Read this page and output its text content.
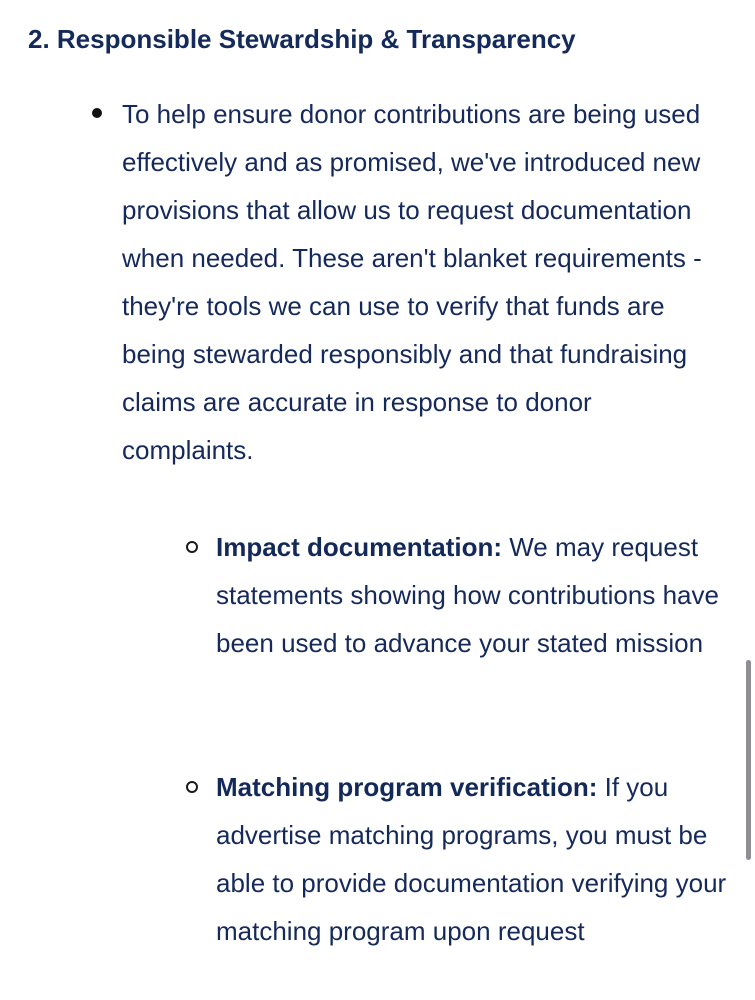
2. Responsible Stewardship & Transparency

To help ensure donor contributions are being used effectively and as promised, we've introduced new provisions that allow us to request documentation when needed. These aren't blanket requirements - they're tools we can use to verify that funds are being stewarded responsibly and that fundraising claims are accurate in response to donor complaints.

Impact documentation: We may request statements showing how contributions have been used to advance your stated mission

Matching program verification: If you advertise matching programs, you must be able to provide documentation verifying your matching program upon request
